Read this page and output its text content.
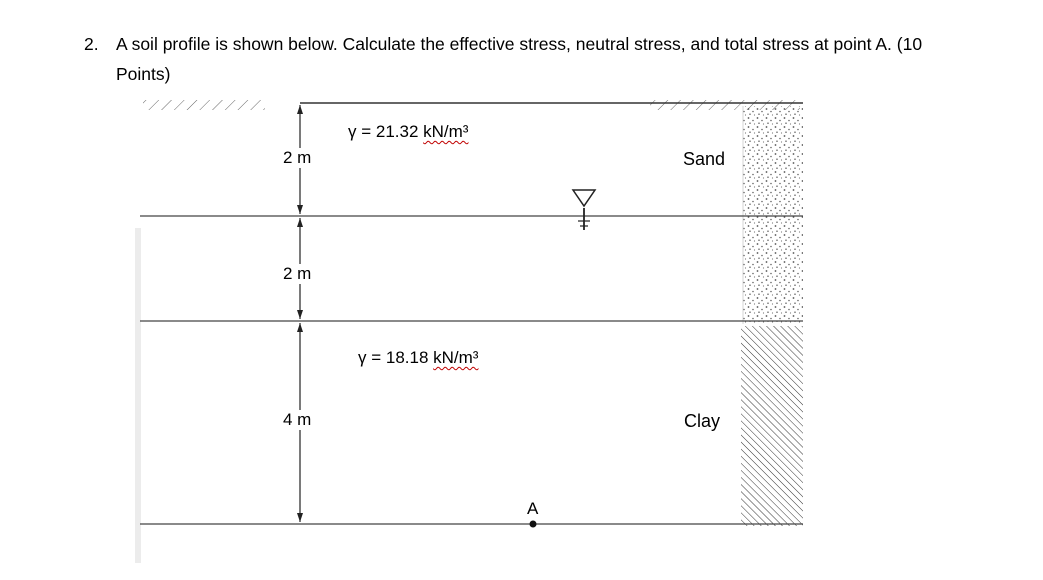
2. A soil profile is shown below. Calculate the effective stress, neutral stress, and total stress at point A. (10 Points)
γ = 21.32 kN/m³
2 m	Sand
2 m
γ = 18.18 kN/m³
4 m	Clay
A
